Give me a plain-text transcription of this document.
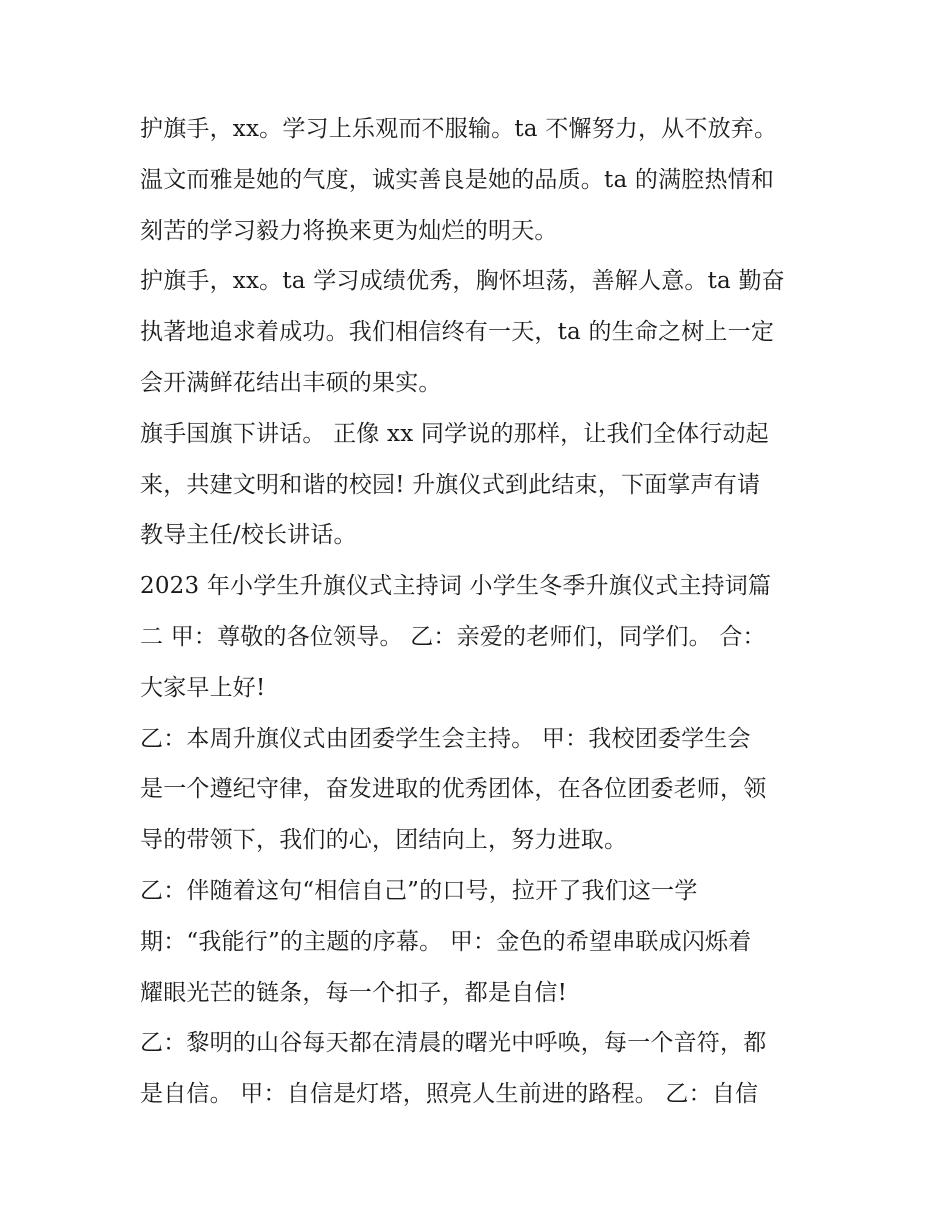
护旗手，xx。学习上乐观而不服输。ta 不懈努力，从不放弃。
温文而雅是她的气度，诚实善良是她的品质。ta 的满腔热情和
刻苦的学习毅力将换来更为灿烂的明天。
护旗手，xx。ta 学习成绩优秀，胸怀坦荡，善解人意。ta 勤奋
执著地追求着成功。我们相信终有一天，ta 的生命之树上一定
会开满鲜花结出丰硕的果实。
旗手国旗下讲话。 正像 xx 同学说的那样，让我们全体行动起
来，共建文明和谐的校园! 升旗仪式到此结束，下面掌声有请
教导主任/校长讲话。
2023 年小学生升旗仪式主持词 小学生冬季升旗仪式主持词篇
二 甲：尊敬的各位领导。 乙：亲爱的老师们，同学们。 合：
大家早上好!
乙：本周升旗仪式由团委学生会主持。 甲：我校团委学生会
是一个遵纪守律，奋发进取的优秀团体，在各位团委老师，领
导的带领下，我们的心，团结向上，努力进取。
乙：伴随着这句“相信自己”的口号，拉开了我们这一学
期：“我能行”的主题的序幕。 甲：金色的希望串联成闪烁着
耀眼光芒的链条，每一个扣子，都是自信!
乙：黎明的山谷每天都在清晨的曙光中呼唤，每一个音符，都
是自信。 甲：自信是灯塔，照亮人生前进的路程。 乙：自信
